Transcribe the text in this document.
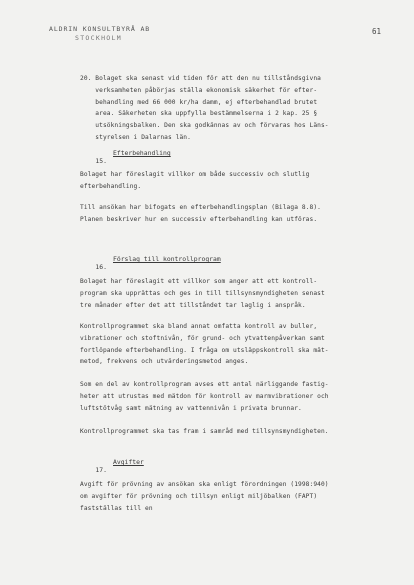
ALDRIN KONSULTBYRÅ AB
STOCKHOLM
61
20. Bolaget ska senast vid tiden för att den nu tillståndsgivna
verksamheten påbörjas ställa ekonomisk säkerhet för efter-
behandling med 66 000 kr/ha damm, ej efterbehandlad brutet
area. Säkerheten ska uppfylla bestämmelserna i 2 kap. 25 §
utsökningsbalken. Den ska godkännas av och förvaras hos Läns-
styrelsen i Dalarnas län.

15.
Efterbehandling

Bolaget har föreslagit villkor om både successiv och slutlig
efterbehandling.
Till ansökan har bifogats en efterbehandlingsplan (Bilaga 8.8).
Planen beskriver hur en successiv efterbehandling kan utföras.

16.
Förslag till kontrollprogram

Bolaget har föreslagit ett villkor som anger att ett kontroll-
program ska upprättas och ges in till tillsynsmyndigheten senast
tre månader efter det att tillståndet tar laglig i anspråk.
Kontrollprogrammet ska bland annat omfatta kontroll av buller,
vibrationer och stoftnivån, för grund- och ytvattenpåverkan samt
fortlöpande efterbehandling. I fråga om utsläppskontroll ska mät-
metod, frekvens och utvärderingsmetod anges.
Som en del av kontrollprogram avses ett antal närliggande fastig-
heter att utrustas med mätdon för kontroll av marmvibrationer och
luftstötvåg samt mätning av vattennivån i privata brunnar.
Kontrollprogrammet ska tas fram i samråd med tillsynsmyndigheten.

17.
Avgifter

Avgift för prövning av ansökan ska enligt förordningen (1998:940)
om avgifter för prövning och tillsyn enligt miljöbalken (FAPT)
fastställas till en
